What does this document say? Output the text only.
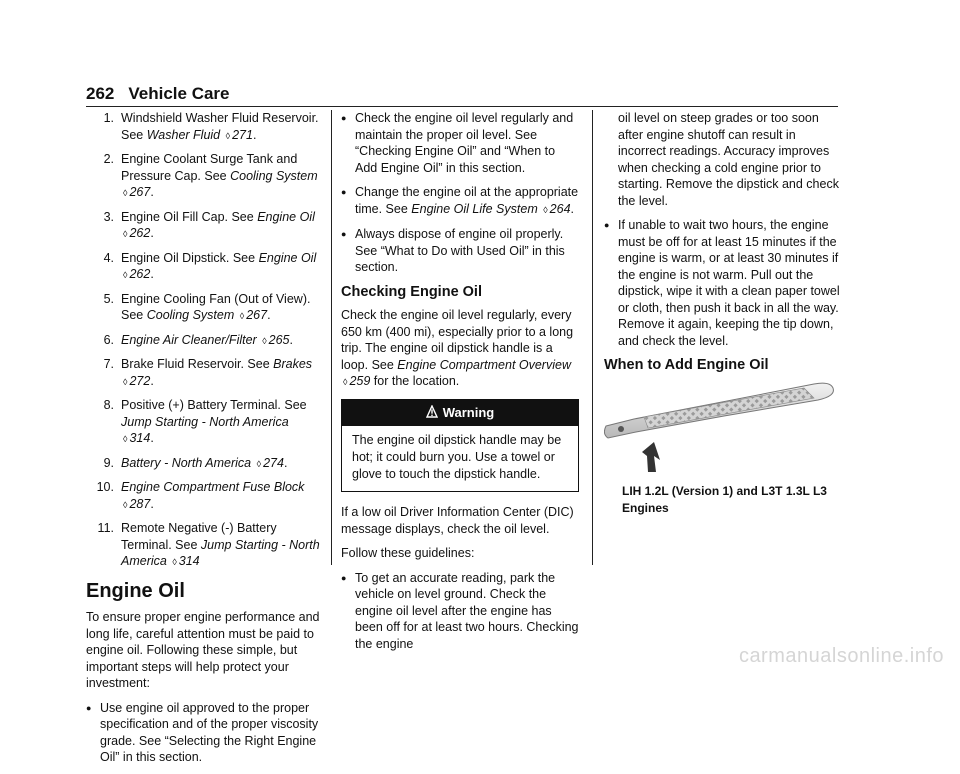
262 Vehicle Care
1. Windshield Washer Fluid Reservoir. See Washer Fluid ◊ 271.
2. Engine Coolant Surge Tank and Pressure Cap. See Cooling System ◊ 267.
3. Engine Oil Fill Cap. See Engine Oil ◊ 262.
4. Engine Oil Dipstick. See Engine Oil ◊ 262.
5. Engine Cooling Fan (Out of View). See Cooling System ◊ 267.
6. Engine Air Cleaner/Filter ◊ 265.
7. Brake Fluid Reservoir. See Brakes ◊ 272.
8. Positive (+) Battery Terminal. See Jump Starting - North America ◊ 314.
9. Battery - North America ◊ 274.
10. Engine Compartment Fuse Block ◊ 287.
11. Remote Negative (-) Battery Terminal. See Jump Starting - North America ◊ 314
Engine Oil

To ensure proper engine performance and long life, careful attention must be paid to engine oil. Following these simple, but important steps will help protect your investment:

● Use engine oil approved to the proper specification and of the proper viscosity grade. See “Selecting the Right Engine Oil” in this section.
● Check the engine oil level regularly and maintain the proper oil level. See “Checking Engine Oil” and “When to Add Engine Oil” in this section.
● Change the engine oil at the appropriate time. See Engine Oil Life System ◊ 264.
● Always dispose of engine oil properly. See “What to Do with Used Oil” in this section.
Checking Engine Oil

Check the engine oil level regularly, every 650 km (400 mi), especially prior to a long trip. The engine oil dipstick handle is a loop. See Engine Compartment Overview ◊ 259 for the location.

Warning
The engine oil dipstick handle may be hot; it could burn you. Use a towel or glove to touch the dipstick handle.

If a low oil Driver Information Center (DIC) message displays, check the oil level.

Follow these guidelines:

● To get an accurate reading, park the vehicle on level ground. Check the engine oil level after the engine has been off for at least two hours. Checking the engine
oil level on steep grades or too soon after engine shutoff can result in incorrect readings. Accuracy improves when checking a cold engine prior to starting. Remove the dipstick and check the level.
● If unable to wait two hours, the engine must be off for at least 15 minutes if the engine is warm, or at least 30 minutes if the engine is not warm. Pull out the dipstick, wipe it with a clean paper towel or cloth, then push it back in all the way. Remove it again, keeping the tip down, and check the level.
When to Add Engine Oil
LIH 1.2L (Version 1) and L3T 1.3L L3 Engines
carmanualsonline.info
